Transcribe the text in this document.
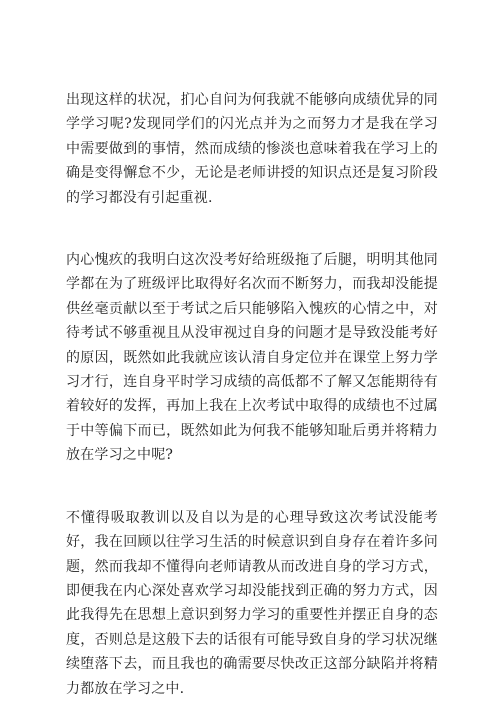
出现这样的状况，扪心自问为何我就不能够向成绩优异的同学学习呢?发现同学们的闪光点并为之而努力才是我在学习中需要做到的事情，然而成绩的惨淡也意味着我在学习上的确是变得懈怠不少，无论是老师讲授的知识点还是复习阶段的学习都没有引起重视.

内心愧疚的我明白这次没考好给班级拖了后腿，明明其他同学都在为了班级评比取得好名次而不断努力，而我却没能提供丝毫贡献以至于考试之后只能够陷入愧疚的心情之中，对待考试不够重视且从没审视过自身的问题才是导致没能考好的原因，既然如此我就应该认清自身定位并在课堂上努力学习才行，连自身平时学习成绩的高低都不了解又怎能期待有着较好的发挥，再加上我在上次考试中取得的成绩也不过属于中等偏下而已，既然如此为何我不能够知耻后勇并将精力放在学习之中呢?

不懂得吸取教训以及自以为是的心理导致这次考试没能考好，我在回顾以往学习生活的时候意识到自身存在着许多问题，然而我却不懂得向老师请教从而改进自身的学习方式，即便我在内心深处喜欢学习却没能找到正确的努力方式，因此我得先在思想上意识到努力学习的重要性并摆正自身的态度，否则总是这般下去的话很有可能导致自身的学习状况继续堕落下去，而且我也的确需要尽快改正这部分缺陷并将精力都放在学习之中.
